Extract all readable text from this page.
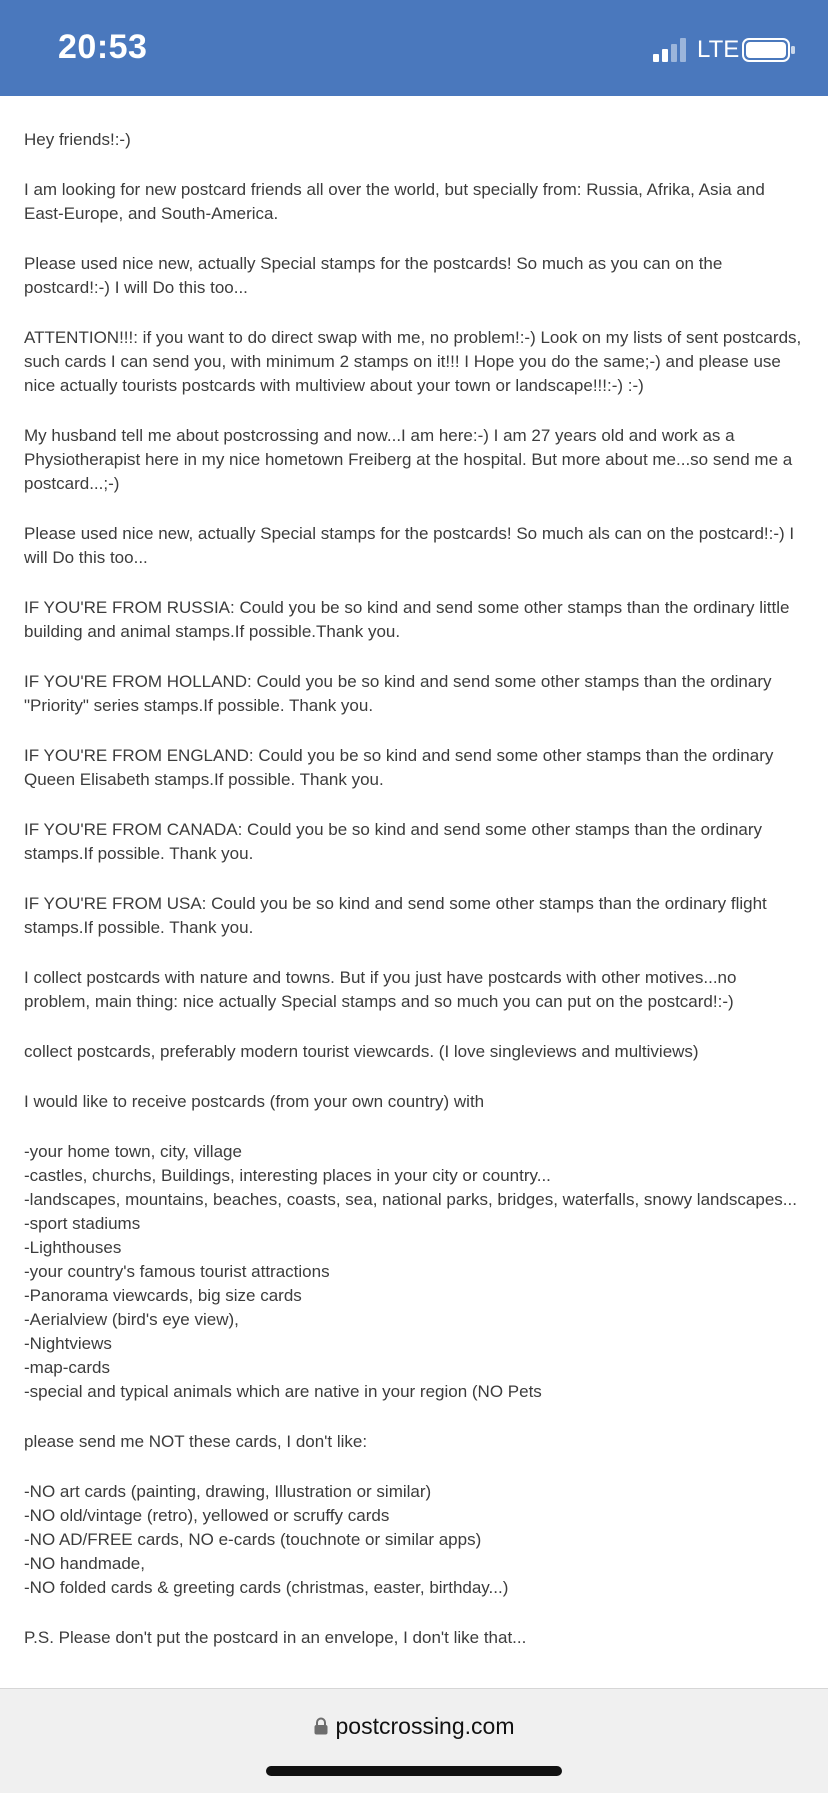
20:53	LTE

Hey friends!:-)

I am looking for new postcard friends all over the world, but specially from: Russia, Afrika, Asia and East-Europe, and South-America.

Please used nice new, actually Special stamps for the postcards! So much as you can on the postcard!:-) I will Do this too...

ATTENTION!!!: if you want to do direct swap with me, no problem!:-) Look on my lists of sent postcards, such cards I can send you, with minimum 2 stamps on it!!! I Hope you do the same;-) and please use nice actually tourists postcards with multiview about your town or landscape!!!:-) :-)

My husband tell me about postcrossing and now...I am here:-) I am 27 years old and work as a Physiotherapist here in my nice hometown Freiberg at the hospital. But more about me...so send me a postcard...;-)

Please used nice new, actually Special stamps for the postcards! So much als can on the postcard!:-) I will Do this too...

IF YOU'RE FROM RUSSIA: Could you be so kind and send some other stamps than the ordinary little building and animal stamps.If possible.Thank you.

IF YOU'RE FROM HOLLAND: Could you be so kind and send some other stamps than the ordinary "Priority" series stamps.If possible. Thank you.

IF YOU'RE FROM ENGLAND: Could you be so kind and send some other stamps than the ordinary Queen Elisabeth stamps.If possible. Thank you.

IF YOU'RE FROM CANADA: Could you be so kind and send some other stamps than the ordinary stamps.If possible. Thank you.

IF YOU'RE FROM USA: Could you be so kind and send some other stamps than the ordinary flight stamps.If possible. Thank you.

I collect postcards with nature and towns. But if you just have postcards with other motives...no problem, main thing: nice actually Special stamps and so much you can put on the postcard!:-)

collect postcards, preferably modern tourist viewcards. (I love singleviews and multiviews)

I would like to receive postcards (from your own country) with

-your home town, city, village
-castles, churchs, Buildings, interesting places in your city or country...
-landscapes, mountains, beaches, coasts, sea, national parks, bridges, waterfalls, snowy landscapes...
-sport stadiums
-Lighthouses
-your country's famous tourist attractions
-Panorama viewcards, big size cards
-Aerialview (bird's eye view),
-Nightviews
-map-cards
-special and typical animals which are native in your region (NO Pets

please send me NOT these cards, I don't like:

-NO art cards (painting, drawing, Illustration or similar)
-NO old/vintage (retro), yellowed or scruffy cards
-NO AD/FREE cards, NO e-cards (touchnote or similar apps)
-NO handmade,
-NO folded cards & greeting cards (christmas, easter, birthday...)

P.S. Please don't put the postcard in an envelope, I don't like that...

postcrossing.com
